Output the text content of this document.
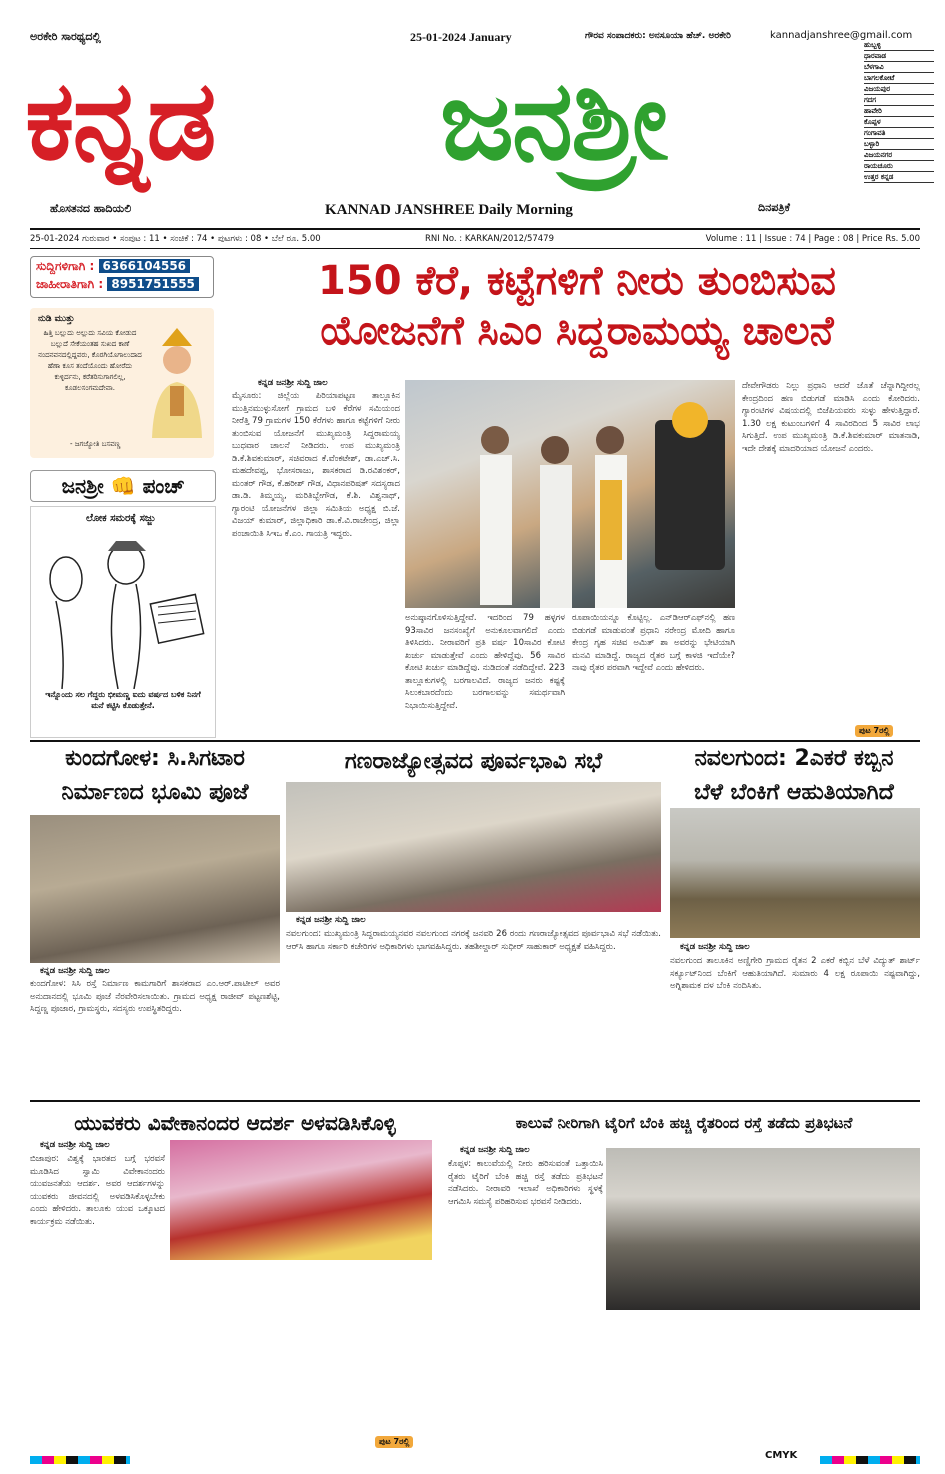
ಅರಕೇರಿ ಸಾರಥ್ಯದಲ್ಲಿ	25-01-2024 January	ಗೌರವ ಸಂಪಾದಕರು: ಅನಸೂಯಾ ಹೆಚ್. ಅರಕೇರಿ	kannadjanshree@gmail.com
ಕನ್ನಡ ಜನಶ್ರೀ
ಹೊಸತನದ ಹಾದಿಯಲಿ	KANNAD JANSHREE Daily Morning	ದಿನಪತ್ರಿಕೆ
ಹುಬ್ಬಳ್ಳಿ
ಧಾರವಾಡ
ಬೆಳಗಾವಿ
ಬಾಗಲಕೋಟೆ
ವಿಜಯಪುರ
ಗದಗ
ಹಾವೇರಿ
ಕೊಪ್ಪಳ
ಗಂಗಾವತಿ
ಬಳ್ಳಾರಿ
ವಿಜಯನಗರ
ರಾಯಚೂರು
ಉತ್ತರ ಕನ್ನಡ
25-01-2024 ಗುರುವಾರ • ಸಂಪುಟ : 11 • ಸಂಚಿಕೆ : 74 • ಪುಟಗಳು : 08 • ಬೆಲೆ ರೂ. 5.00	RNI No. : KARKAN/2012/57479	Volume : 11 | Issue : 74 | Page : 08 | Price Rs. 5.00
ಸುದ್ದಿಗಳಿಗಾಗಿ : 6366104556
ಜಾಹೀರಾತಿಗಾಗಿ : 8951751555
ನುಡಿ ಮುತ್ತು
ಹಿತ್ತಿ ಬಲ್ಲುದು ಅಲ್ಲುದು ಸವಿಯ ಕೋಡುದ ಬಲ್ಲುದೆ ಸೇಕೆಯಂತಹ ಸುಖದ ಕಾಣೆ ನಂದನವನದಲ್ಲಿದ್ದವರು, ಕೊರಗಿಯೊಗಾಲುದಾದ ಹೆಣಾ ಕೂಸ ತಂದೆಯೊಂದು ಹೋರೆದು ಕುಳ್ಳಿರ್ದನು, ಕರೆತರಿಸುಗಾಗಲಿಲ್ಲ, ಕೂಡಲಸಂಗಮದೇವಾ.
- ಜಗಜ್ಯೋತಿ ಬಸವಣ್ಣ
ಜನಶ್ರೀ 👊 ಪಂಚ್
ಲೋಕ ಸಮರಕ್ಕೆ ಸಜ್ಜು
ಇನ್ನೊಂದು ಸಲ ಗೆದ್ದರು ಭೀಮಣ್ಣ ಐದು ವರ್ಷದ ಬಳಿಕ ನಿನಗೆ ಮನೆ ಕಟ್ಟಿಸಿ ಕೊಡುತ್ತೇನೆ.
150 ಕೆರೆ, ಕಟ್ಟೆಗಳಿಗೆ ನೀರು ತುಂಬಿಸುವ
ಯೋಜನೆಗೆ ಸಿಎಂ ಸಿದ್ದರಾಮಯ್ಯ ಚಾಲನೆ
ಕನ್ನಡ ಜನಶ್ರೀ ಸುದ್ದಿ ಜಾಲ
ಮೈಸೂರು: ಜಿಲ್ಲೆಯ ಪಿರಿಯಾಪಟ್ಟಣ ತಾಲ್ಲೂಕಿನ ಮುತ್ತಿನಮುಳ್ಳುಸೋಗೆ ಗ್ರಾಮದ ಬಳಿ ಕೆರೆಗಳ ಸಮಿಯಂದ ನೀರೆತ್ತಿ 79 ಗ್ರಾಮಗಳ 150 ಕೆರೆಗಳು ಹಾಗೂ ಕಟ್ಟೆಗಳಿಗೆ ನೀರು ತುಂಬಿಸುವ ಯೋಜನೆಗೆ ಮುಖ್ಯಮಂತ್ರಿ ಸಿದ್ದರಾಮಯ್ಯ ಬುಧವಾರ ಚಾಲನೆ ನೀಡಿದರು. ಉಪ ಮುಖ್ಯಮಂತ್ರಿ ಡಿ.ಕೆ.ಶಿವಕುಮಾರ್, ಸಚಿವರಾದ ಕೆ.ವೆಂಕಟೇಶ್, ಡಾ.ಎಚ್.ಸಿ. ಮಹದೇವಪ್ಪ, ಭೋಸರಾಜು, ಶಾಸಕರಾದ ಡಿ.ರವಿಶಂಕರ್, ಮಂತರ್ ಗೌಡ, ಕೆ.ಹರೀಶ್ ಗೌಡ, ವಿಧಾನಪರಿಷತ್ ಸದಸ್ಯರಾದ ಡಾ.ಡಿ. ತಿಮ್ಮಯ್ಯ, ಮರಿತಿಬ್ಬೇಗೌಡ, ಕೆ.ಶಿ. ವಿಶ್ವನಾಥ್, ಗ್ಯಾರಂಟಿ ಯೋಜನೆಗಳ ಜಿಲ್ಲಾ ಸಮಿತಿಯ ಅಧ್ಯಕ್ಷ ಬಿ.ಜೆ. ವಿಜಯ್ ಕುಮಾರ್, ಜಿಲ್ಲಾಧಿಕಾರಿ ಡಾ.ಕೆ.ವಿ.ರಾಜೇಂದ್ರ, ಜಿಲ್ಲಾ ಪಂಚಾಯಿತಿ ಸಿಇಒ ಕೆ.ಎಂ. ಗಾಯತ್ರಿ ಇದ್ದರು.
ಅನುಷ್ಠಾನಗೊಳಿಸುತ್ತಿದ್ದೇವೆ. ಇದರಿಂದ 79 ಹಳ್ಳಗಳ 93ಸಾವಿರ ಜನಸಂಖ್ಯೆಗೆ ಅನುಕೂಲವಾಗಲಿದೆ ಎಂದು ತಿಳಿಸಿದರು. ನೀರಾವರಿಗೆ ಪ್ರತಿ ವರ್ಷ 10ಸಾವಿರ ಕೋಟಿ ಖರ್ಚು ಮಾಡುತ್ತೇವೆ ಎಂದು ಹೇಳಿದ್ದೆವು. 56 ಸಾವಿರ ಕೋಟಿ ಖರ್ಚು ಮಾಡಿದ್ದೆವು. ನುಡಿದಂತೆ ನಡೆದಿದ್ದೇವೆ. 223 ತಾಲ್ಲೂಕುಗಳಲ್ಲಿ ಬರಗಾಲವಿದೆ. ರಾಜ್ಯದ ಜನರು ಕಷ್ಟಕ್ಕೆ ಸಿಲುಕಬಾರದೆಂದು ಬರಗಾಲವನ್ನು ಸಮರ್ಥವಾಗಿ ನಿಭಾಯಿಸುತ್ತಿದ್ದೇವೆ.
ರೂಪಾಯಿಯನ್ನೂ ಕೊಟ್ಟಿಲ್ಲ. ಎನ್‌ಡಿಆರ್‌ಎಫ್‌ನಲ್ಲಿ ಹಣ ಬಿಡುಗಡೆ ಮಾಡುವಂತೆ ಪ್ರಧಾನಿ ನರೇಂದ್ರ ಮೋದಿ ಹಾಗೂ ಕೇಂದ್ರ ಗೃಹ ಸಚಿವ ಅಮಿತ್ ಶಾ ಅವರನ್ನು ಭೇಟಿಯಾಗಿ ಮನವಿ ಮಾಡಿದ್ದೆ. ರಾಜ್ಯದ ರೈತರ ಬಗ್ಗೆ ಕಾಳಜಿ ಇದೆಯೇ? ನಾವು ರೈತರ ಪರವಾಗಿ ಇದ್ದೇವೆ ಎಂದು ಹೇಳಿದರು.
ದೇವೇಗೌಡರು ನಿಲ್ಲು ಪ್ರಧಾನಿ ಆದರೆ ಜೊತೆ ಚೆನ್ನಾಗಿದ್ದೀರಲ್ಲ ಕೇಂದ್ರದಿಂದ ಹಣ ಬಿಡುಗಡೆ ಮಾಡಿಸಿ ಎಂದು ಕೋರಿದರು. ಗ್ಯಾರಂಟಿಗಳ ವಿಷಯದಲ್ಲಿ ಬಿಜೆಪಿಯವರು ಸುಳ್ಳು ಹೇಳುತ್ತಿದ್ದಾರೆ. 1.30 ಲಕ್ಷ ಕುಟುಂಬಗಳಿಗೆ 4 ಸಾವಿರದಿಂದ 5 ಸಾವಿರ ಲಾಭ ಸಿಗುತ್ತಿದೆ. ಉಪ ಮುಖ್ಯಮಂತ್ರಿ ಡಿ.ಕೆ.ಶಿವಕುಮಾರ್ ಮಾತನಾಡಿ, ಇದೇ ದೇಶಕ್ಕೆ ಮಾದರಿಯಾದ ಯೋಜನೆ ಎಂದರು.
ಪುಟ 7ರಲ್ಲಿ
ಕುಂದಗೋಳ: ಸಿ.ಸಿಗಟಾರ
ನಿರ್ಮಾಣದ ಭೂಮಿ ಪೂಜೆ
ಕನ್ನಡ ಜನಶ್ರೀ ಸುದ್ದಿ ಜಾಲ
ಕುಂದಗೋಳ: ಸಿಸಿ ರಸ್ತೆ ನಿರ್ಮಾಣ ಕಾಮಗಾರಿಗೆ ಶಾಸಕರಾದ ಎಂ.ಆರ್.ಪಾಟೀಲ್ ಅವರ ಅನುದಾನದಲ್ಲಿ ಭೂಮಿ ಪೂಜೆ ನೆರವೇರಿಸಲಾಯಿತು. ಗ್ರಾಮದ ಅಧ್ಯಕ್ಷ ರಾಜೀವ್ ಪಟ್ಟಣಶೆಟ್ಟಿ, ಸಿದ್ದಣ್ಣ ಪೂಜಾರ, ಗ್ರಾಮಸ್ಥರು, ಸದಸ್ಯರು ಉಪಸ್ಥಿತರಿದ್ದರು.
ಗಣರಾಜ್ಯೋತ್ಸವದ ಪೂರ್ವಭಾವಿ ಸಭೆ
ಕನ್ನಡ ಜನಶ್ರೀ ಸುದ್ದಿ ಜಾಲ
ನವಲಗುಂದ: ಮುಖ್ಯಮಂತ್ರಿ ಸಿದ್ದರಾಮಯ್ಯನವರ ನವಲಗುಂದ ನಗರಕ್ಕೆ ಜನವರಿ 26 ರಂದು ಗಣರಾಜ್ಯೋತ್ಸವದ ಪೂರ್ವಭಾವಿ ಸಭೆ ನಡೆಯಿತು. ಆರ್‌ಸಿ ಹಾಗೂ ಸರ್ಕಾರಿ ಕಚೇರಿಗಳ ಅಧಿಕಾರಿಗಳು ಭಾಗವಹಿಸಿದ್ದರು. ತಹಶೀಲ್ದಾರ್ ಸುಧೀರ್ ಸಾಹುಕಾರ್ ಅಧ್ಯಕ್ಷತೆ ವಹಿಸಿದ್ದರು.
ನವಲಗುಂದ: 2ಎಕರೆ ಕಬ್ಬಿನ
ಬೆಳೆ ಬೆಂಕಿಗೆ ಆಹುತಿಯಾಗಿದೆ
ಕನ್ನಡ ಜನಶ್ರೀ ಸುದ್ದಿ ಜಾಲ
ನವಲಗುಂದ ತಾಲೂಕಿನ ಅಣ್ಣಿಗೇರಿ ಗ್ರಾಮದ ರೈತನ 2 ಎಕರೆ ಕಬ್ಬಿನ ಬೆಳೆ ವಿದ್ಯುತ್ ಶಾರ್ಟ್ ಸರ್ಕ್ಯೂಟ್‌ನಿಂದ ಬೆಂಕಿಗೆ ಆಹುತಿಯಾಗಿದೆ. ಸುಮಾರು 4 ಲಕ್ಷ ರೂಪಾಯಿ ನಷ್ಟವಾಗಿದ್ದು, ಅಗ್ನಿಶಾಮಕ ದಳ ಬೆಂಕಿ ನಂದಿಸಿತು.
ಯುವಕರು ವಿವೇಕಾನಂದರ ಆದರ್ಶ ಅಳವಡಿಸಿಕೊಳ್ಳಿ
ಕನ್ನಡ ಜನಶ್ರೀ ಸುದ್ದಿ ಜಾಲ
ಬಿಜಾಪುರ: ವಿಶ್ವಕ್ಕೆ ಭಾರತದ ಬಗ್ಗೆ ಭರವಸೆ ಮೂಡಿಸಿದ ಸ್ವಾಮಿ ವಿವೇಕಾನಂದರು ಯುವಜನತೆಯ ಆದರ್ಶ. ಅವರ ಆದರ್ಶಗಳನ್ನು ಯುವಕರು ಜೀವನದಲ್ಲಿ ಅಳವಡಿಸಿಕೊಳ್ಳಬೇಕು ಎಂದು ಹೇಳಿದರು. ತಾಲೂಕು ಯುವ ಒಕ್ಕೂಟದ ಕಾರ್ಯಕ್ರಮ ನಡೆಯಿತು.
ಪುಟ 7ರಲ್ಲಿ
ಕಾಲುವೆ ನೀರಿಗಾಗಿ ಟೈರಿಗೆ ಬೆಂಕಿ ಹಚ್ಚಿ ರೈತರಿಂದ ರಸ್ತೆ ತಡೆದು ಪ್ರತಿಭಟನೆ
ಕನ್ನಡ ಜನಶ್ರೀ ಸುದ್ದಿ ಜಾಲ
ಕೊಪ್ಪಳ: ಕಾಲುವೆಯಲ್ಲಿ ನೀರು ಹರಿಸುವಂತೆ ಒತ್ತಾಯಿಸಿ ರೈತರು ಟೈರಿಗೆ ಬೆಂಕಿ ಹಚ್ಚಿ ರಸ್ತೆ ತಡೆದು ಪ್ರತಿಭಟನೆ ನಡೆಸಿದರು. ನೀರಾವರಿ ಇಲಾಖೆ ಅಧಿಕಾರಿಗಳು ಸ್ಥಳಕ್ಕೆ ಆಗಮಿಸಿ ಸಮಸ್ಯೆ ಪರಿಹರಿಸುವ ಭರವಸೆ ನೀಡಿದರು.
CMYK
